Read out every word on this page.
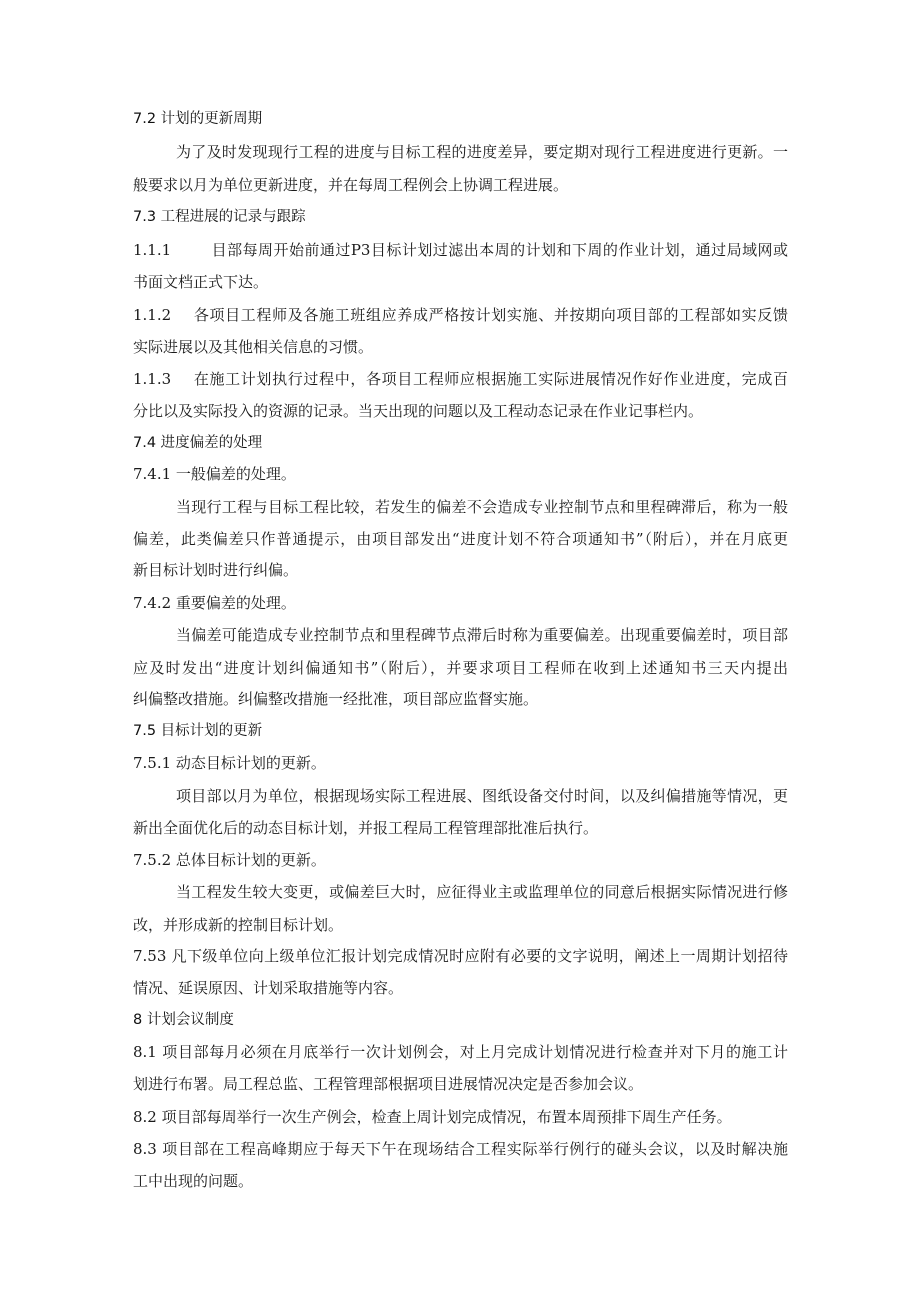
7.2 计划的更新周期
为了及时发现现行工程的进度与目标工程的进度差异，要定期对现行工程进度进行更新。一
般要求以月为单位更新进度，并在每周工程例会上协调工程进展。
7.3 工程进展的记录与跟踪
1.1.1	目部每周开始前通过P3目标计划过滤出本周的计划和下周的作业计划，通过局域网或
书面文档正式下达。
1.1.2 各项目工程师及各施工班组应养成严格按计划实施、并按期向项目部的工程部如实反馈
实际进展以及其他相关信息的习惯。
1.1.3 在施工计划执行过程中，各项目工程师应根据施工实际进展情况作好作业进度，完成百
分比以及实际投入的资源的记录。当天出现的问题以及工程动态记录在作业记事栏内。
7.4 进度偏差的处理
7.4.1 一般偏差的处理。
当现行工程与目标工程比较，若发生的偏差不会造成专业控制节点和里程碑滞后，称为一般
偏差，此类偏差只作普通提示，由项目部发出“进度计划不符合项通知书”（附后），并在月底更
新目标计划时进行纠偏。
7.4.2 重要偏差的处理。
当偏差可能造成专业控制节点和里程碑节点滞后时称为重要偏差。出现重要偏差时，项目部
应及时发出“进度计划纠偏通知书”（附后），并要求项目工程师在收到上述通知书三天内提出
纠偏整改措施。纠偏整改措施一经批准，项目部应监督实施。
7.5 目标计划的更新
7.5.1 动态目标计划的更新。
项目部以月为单位，根据现场实际工程进展、图纸设备交付时间，以及纠偏措施等情况，更
新出全面优化后的动态目标计划，并报工程局工程管理部批准后执行。
7.5.2 总体目标计划的更新。
当工程发生较大变更，或偏差巨大时，应征得业主或监理单位的同意后根据实际情况进行修
改，并形成新的控制目标计划。
7.53 凡下级单位向上级单位汇报计划完成情况时应附有必要的文字说明，阐述上一周期计划招待
情况、延误原因、计划采取措施等内容。
8 计划会议制度
8.1 项目部每月必须在月底举行一次计划例会，对上月完成计划情况进行检查并对下月的施工计
划进行布署。局工程总监、工程管理部根据项目进展情况决定是否参加会议。
8.2 项目部每周举行一次生产例会，检查上周计划完成情况，布置本周预排下周生产任务。
8.3 项目部在工程高峰期应于每天下午在现场结合工程实际举行例行的碰头会议，以及时解决施
工中出现的问题。
